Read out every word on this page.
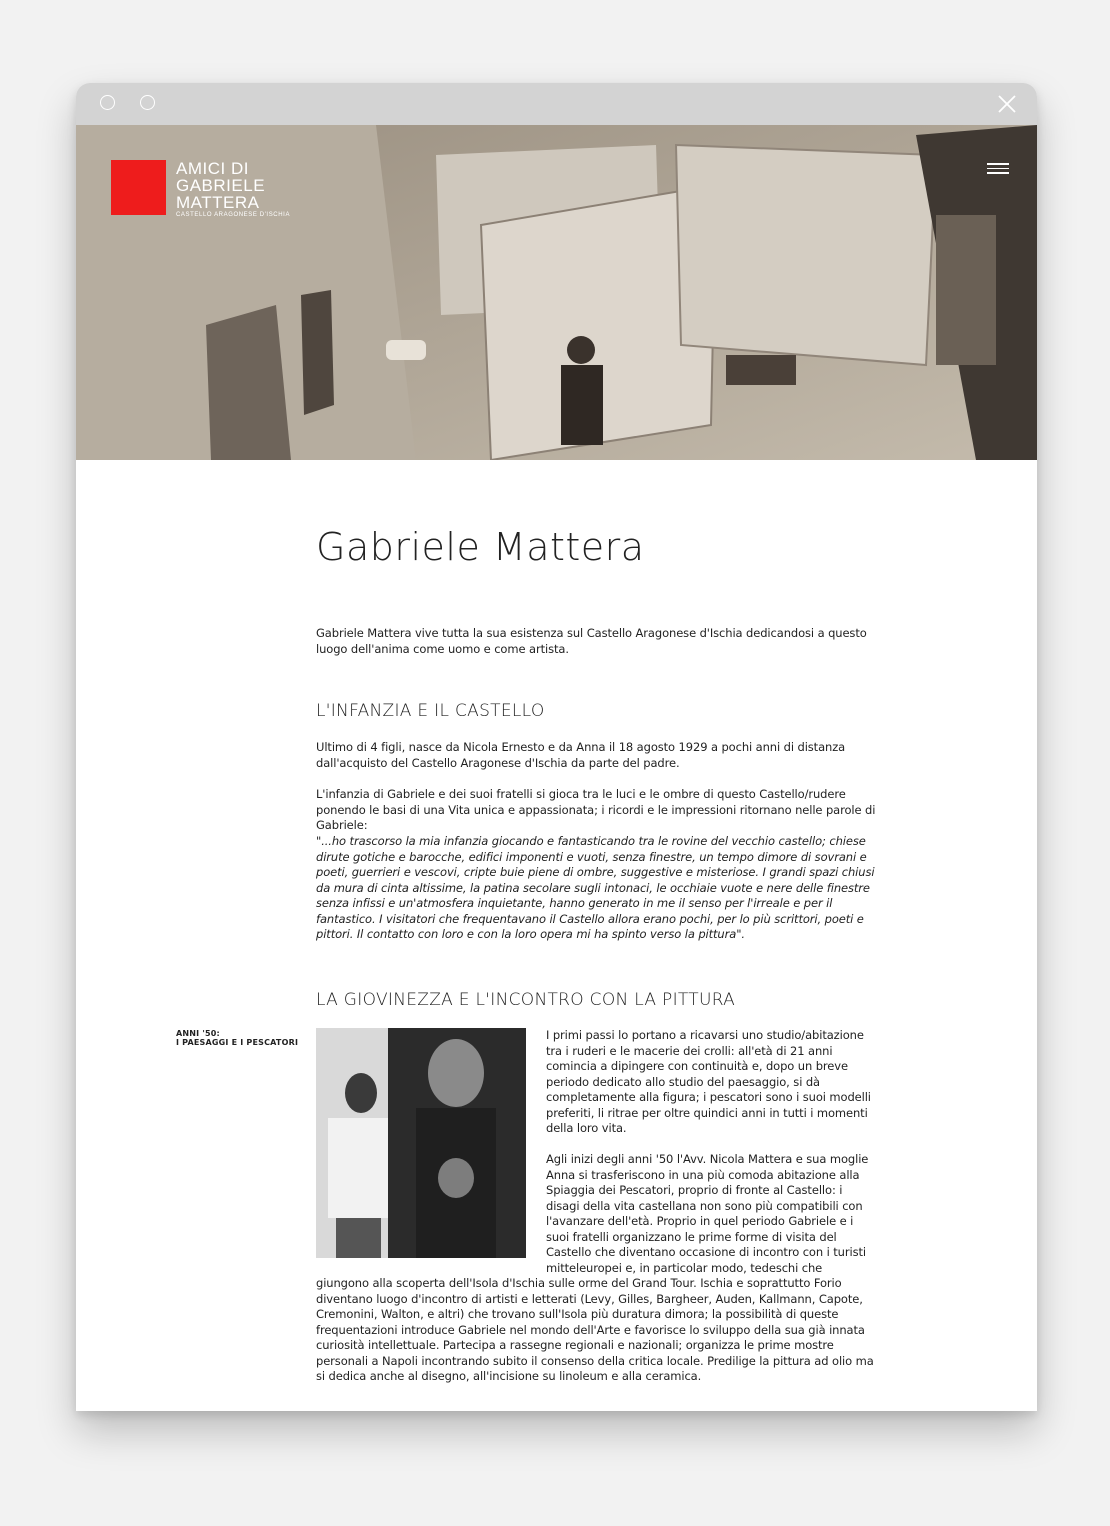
AMICI DI
GABRIELE
MATTERA
CASTELLO ARAGONESE D'ISCHIA
Gabriele Mattera

Gabriele Mattera vive tutta la sua esistenza sul Castello Aragonese d'Ischia dedicandosi a questo luogo dell'anima come uomo e come artista.

L'INFANZIA E IL CASTELLO

Ultimo di 4 figli, nasce da Nicola Ernesto e da Anna il 18 agosto 1929 a pochi anni di distanza dall'acquisto del Castello Aragonese d'Ischia da parte del padre.

L'infanzia di Gabriele e dei suoi fratelli si gioca tra le luci e le ombre di questo Castello/rudere ponendo le basi di una Vita unica e appassionata; i ricordi e le impressioni ritornano nelle parole di Gabriele:

"...ho trascorso la mia infanzia giocando e fantasticando tra le rovine del vecchio castello; chiese dirute gotiche e barocche, edifici imponenti e vuoti, senza finestre, un tempo dimore di sovrani e poeti, guerrieri e vescovi, cripte buie piene di ombre, suggestive e misteriose. I grandi spazi chiusi da mura di cinta altissime, la patina secolare sugli intonaci, le occhiaie vuote e nere delle finestre senza infissi e un'atmosfera inquietante, hanno generato in me il senso per l'irreale e per il fantastico. I visitatori che frequentavano il Castello allora erano pochi, per lo più scrittori, poeti e pittori. Il contatto con loro e con la loro opera mi ha spinto verso la pittura".

LA GIOVINEZZA E L'INCONTRO CON LA PITTURA

I primi passi lo portano a ricavarsi uno studio/abitazione tra i ruderi e le macerie dei crolli: all'età di 21 anni comincia a dipingere con continuità e, dopo un breve periodo dedicato allo studio del paesaggio, si dà completamente alla figura; i pescatori sono i suoi modelli preferiti, li ritrae per oltre quindici anni in tutti i momenti della loro vita.

Agli inizi degli anni '50 l'Avv. Nicola Mattera e sua moglie Anna si trasferiscono in una più comoda abitazione alla Spiaggia dei Pescatori, proprio di fronte al Castello: i disagi della vita castellana non sono più compatibili con l'avanzare dell'età. Proprio in quel periodo Gabriele e i suoi fratelli organizzano le prime forme di visita del Castello che diventano occasione di incontro con i turisti mitteleuropei e, in particolar modo, tedeschi che giungono alla scoperta dell'Isola d'Ischia sulle orme del Grand Tour. Ischia e soprattutto Forio diventano luogo d'incontro di artisti e letterati (Levy, Gilles, Bargheer, Auden, Kallmann, Capote, Cremonini, Walton, e altri) che trovano sull'Isola più duratura dimora; la possibilità di queste frequentazioni introduce Gabriele nel mondo dell'Arte e favorisce lo sviluppo della sua già innata curiosità intellettuale. Partecipa a rassegne regionali e nazionali; organizza le prime mostre personali a Napoli incontrando subito il consenso della critica locale. Predilige la pittura ad olio ma si dedica anche al disegno, all'incisione su linoleum e alla ceramica.

ANNI '50:
I PAESAGGI E I PESCATORI
